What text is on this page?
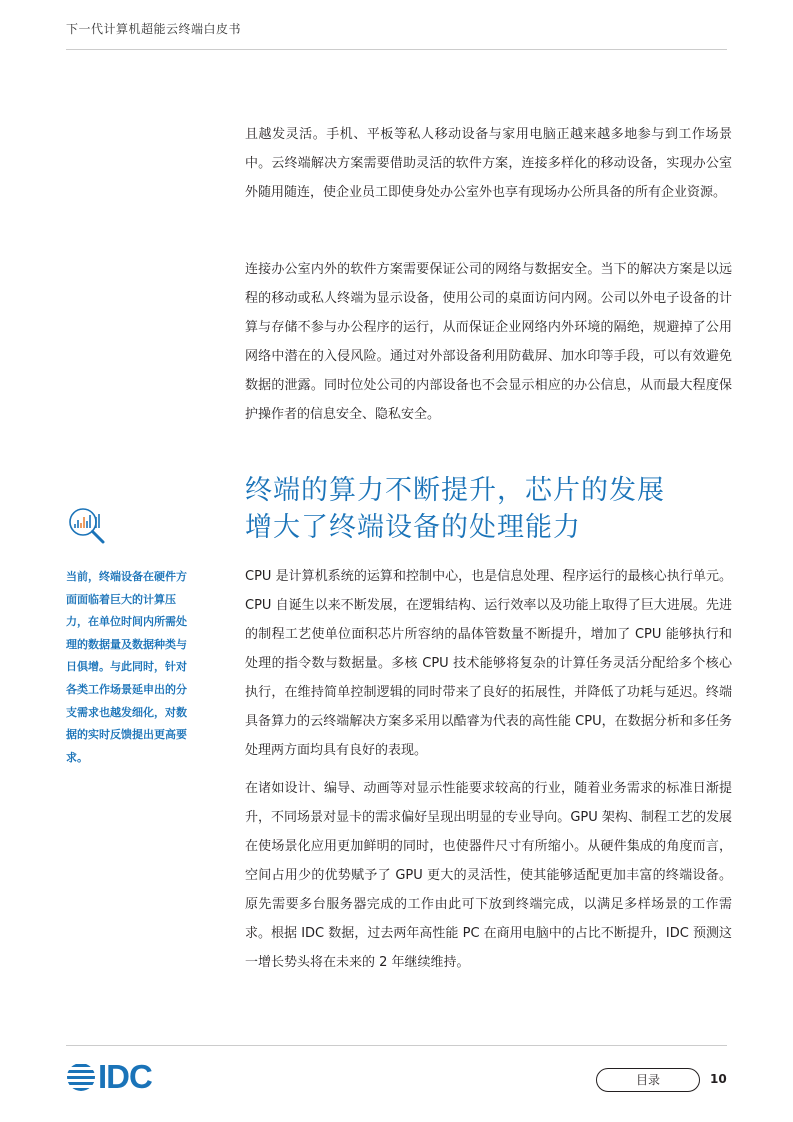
下一代计算机超能云终端白皮书
且越发灵活。手机、平板等私人移动设备与家用电脑正越来越多地参与到工作场景中。云终端解决方案需要借助灵活的软件方案，连接多样化的移动设备，实现办公室外随用随连，使企业员工即使身处办公室外也享有现场办公所具备的所有企业资源。
连接办公室内外的软件方案需要保证公司的网络与数据安全。当下的解决方案是以远程的移动或私人终端为显示设备，使用公司的桌面访问内网。公司以外电子设备的计算与存储不参与办公程序的运行，从而保证企业网络内外环境的隔绝，规避掉了公用网络中潜在的入侵风险。通过对外部设备利用防截屏、加水印等手段，可以有效避免数据的泄露。同时位处公司的内部设备也不会显示相应的办公信息，从而最大程度保护操作者的信息安全、隐私安全。
终端的算力不断提升，芯片的发展
增大了终端设备的处理能力
当前，终端设备在硬件方面面临着巨大的计算压力，在单位时间内所需处理的数据量及数据种类与日俱增。与此同时，针对各类工作场景延申出的分支需求也越发细化，对数据的实时反馈提出更高要求。
CPU 是计算机系统的运算和控制中心，也是信息处理、程序运行的最核心执行单元。CPU 自诞生以来不断发展，在逻辑结构、运行效率以及功能上取得了巨大进展。先进的制程工艺使单位面积芯片所容纳的晶体管数量不断提升，增加了 CPU 能够执行和处理的指令数与数据量。多核 CPU 技术能够将复杂的计算任务灵活分配给多个核心执行，在维持简单控制逻辑的同时带来了良好的拓展性，并降低了功耗与延迟。终端具备算力的云终端解决方案多采用以酷睿为代表的高性能 CPU，在数据分析和多任务处理两方面均具有良好的表现。
在诸如设计、编导、动画等对显示性能要求较高的行业，随着业务需求的标准日渐提升，不同场景对显卡的需求偏好呈现出明显的专业导向。GPU 架构、制程工艺的发展在使场景化应用更加鲜明的同时，也使器件尺寸有所缩小。从硬件集成的角度而言，空间占用少的优势赋予了 GPU 更大的灵活性，使其能够适配更加丰富的终端设备。 原先需要多台服务器完成的工作由此可下放到终端完成，以满足多样场景的工作需求。根据 IDC 数据，过去两年高性能 PC 在商用电脑中的占比不断提升，IDC 预测这一增长势头将在未来的 2 年继续维持。
IDC	目录	10
